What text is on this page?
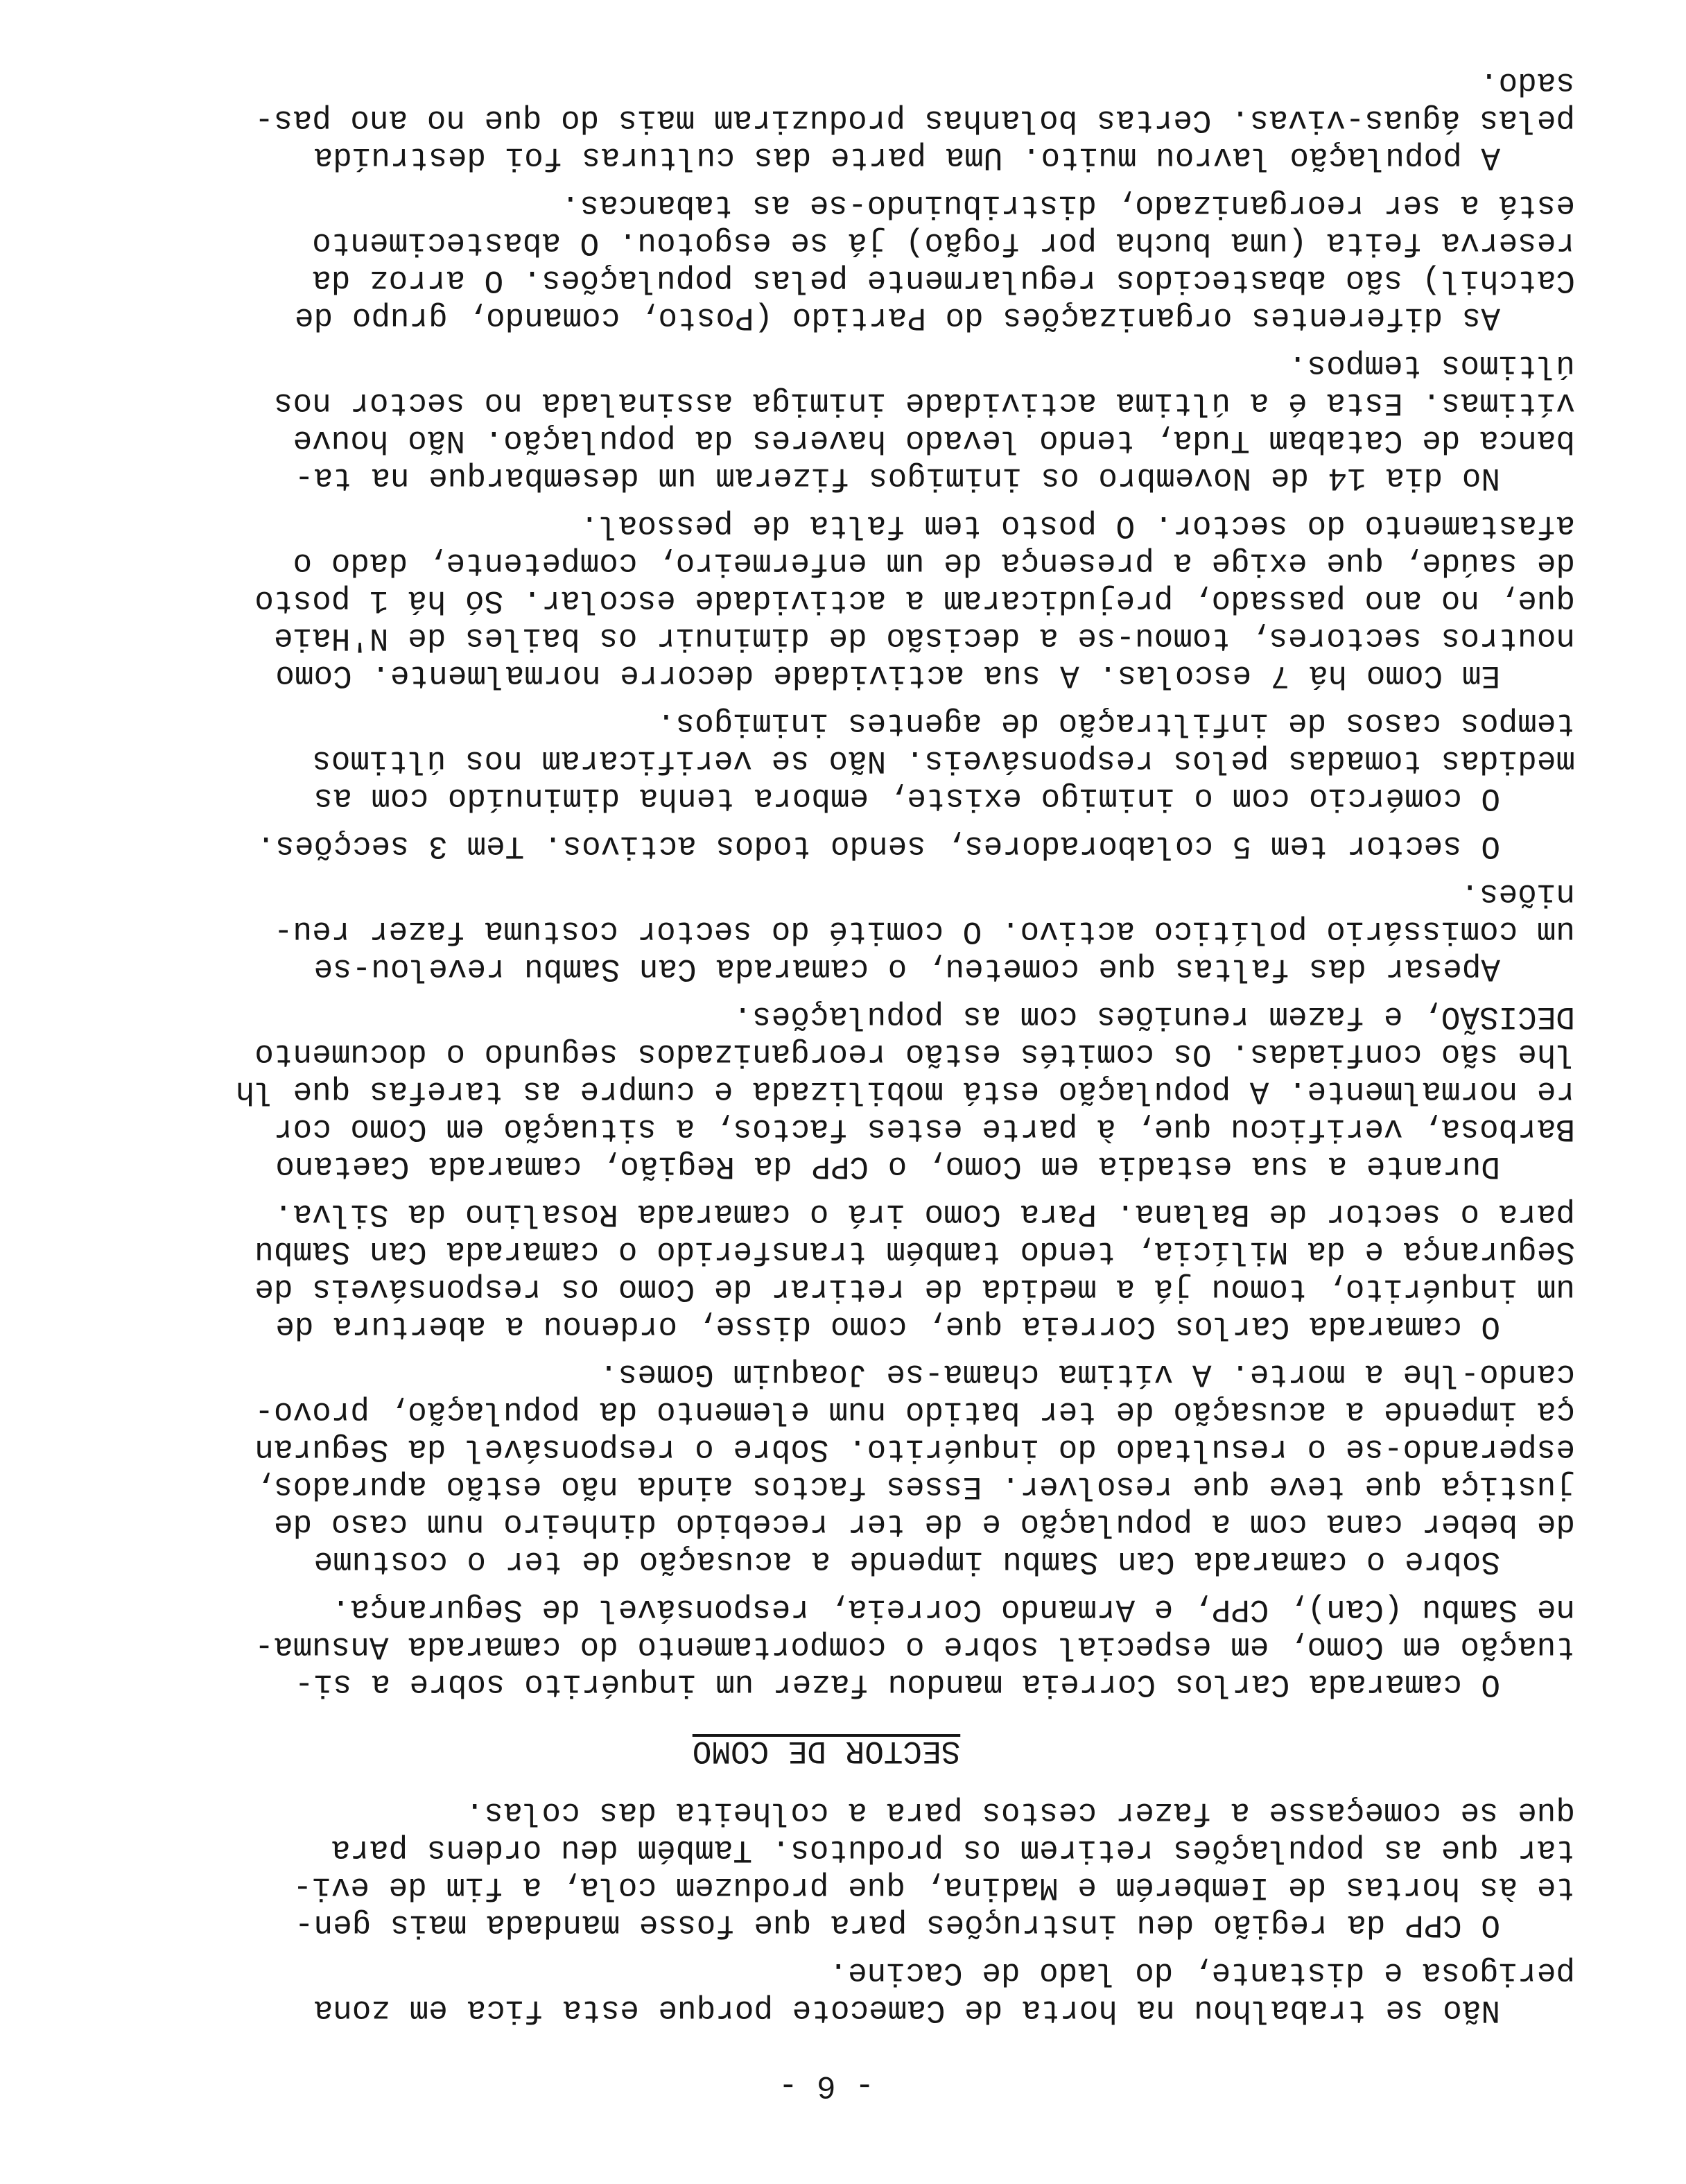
- 6 -
Não se trabalhou na horta de Camecote porque esta fica em zona
perigosa e distante, do lado de Cacine.
O CPP da região deu instruções para que fosse mandada mais gen-
te às hortas de Iemberém e Madina, que produzem cola, a fim de evi-
tar que as populações retirem os produtos. Também deu ordens para
que se começasse a fazer cestos para a colheita das colas.
SECTOR DE COMO
O camarada Carlos Correia mandou fazer um inquérito sobre a si-
tuação em Como, em especial sobre o comportamento do camarada Ansuma-
ne Sambu (Can), CPP, e Armando Correia, responsável de Segurança.
Sobre o camarada Can Sambu impende a acusação de ter o costume
de beber cana com a população e de ter recebido dinheiro num caso de
justiça que teve que resolver. Esses factos ainda não estão apurados,
esperando-se o resultado do inquérito. Sobre o responsável da Seguran
ça impende a acusação de ter batido num elemento da população, provo-
cando-lhe a morte. A vítima chama-se Joaquim Gomes.
O camarada Carlos Correia que, como disse, ordenou a abertura de
um inquérito, tomou já a medida de retirar de Como os responsáveis de
Segurança e da Milícia, tendo também transferido o camarada Can Sambu
para o sector de Balana. Para Como irá o camarada Rosalino da Silva.
Durante a sua estadia em Como, o CPP da Região, camarada Caetano
Barbosa, verificou que, à parte estes factos, a situação em Como cor
re normalmente. A população está mobilizada e cumpre as tarefas que lh
lhe são confiadas. Os comités estão reorganizados segundo o documento
DECISÃO, e fazem reuniões com as populações.
Apesar das faltas que cometeu, o camarada Can Sambu revelou-se
um comissário político activo. O comité do sector costuma fazer reu-
niões.
O sector tem 5 colaboradores, sendo todos activos. Tem 3 secções.
O comércio com o inimigo existe, embora tenha diminuído com as
medidas tomadas pelos responsáveis. Não se verificaram nos últimos
tempos casos de infiltração de agentes inimigos.
Em Como há 7 escolas. A sua actividade decorre normalmente. Como
noutros sectores, tomou-se a decisão de diminuir os bailes de N'Haie
que, no ano passado, prejudicaram a actividade escolar. Só há 1 posto
de saúde, que exige a presença de um enfermeiro, competente, dado o
afastamento do sector. O posto tem falta de pessoal.
No dia 14 de Novembro os inimigos fizeram um desembarque na ta-
banca de Catabam Tuda, tendo levado haveres da população. Não houve
vítimas. Esta é a última actividade inimiga assinalada no sector nos
últimos tempos.
As diferentes organizações do Partido (Posto, comando, grupo de
Catchil) são abastecidos regularmente pelas populações. O arroz da
reserva feita (uma bucha por fogão) já se esgotou. O abastecimento
está a ser reorganizado, distribuindo-se as tabancas.
A população lavrou muito. Uma parte das culturas foi destruída
pelas águas-vivas. Certas bolanhas produziram mais do que no ano pas-
sado.
